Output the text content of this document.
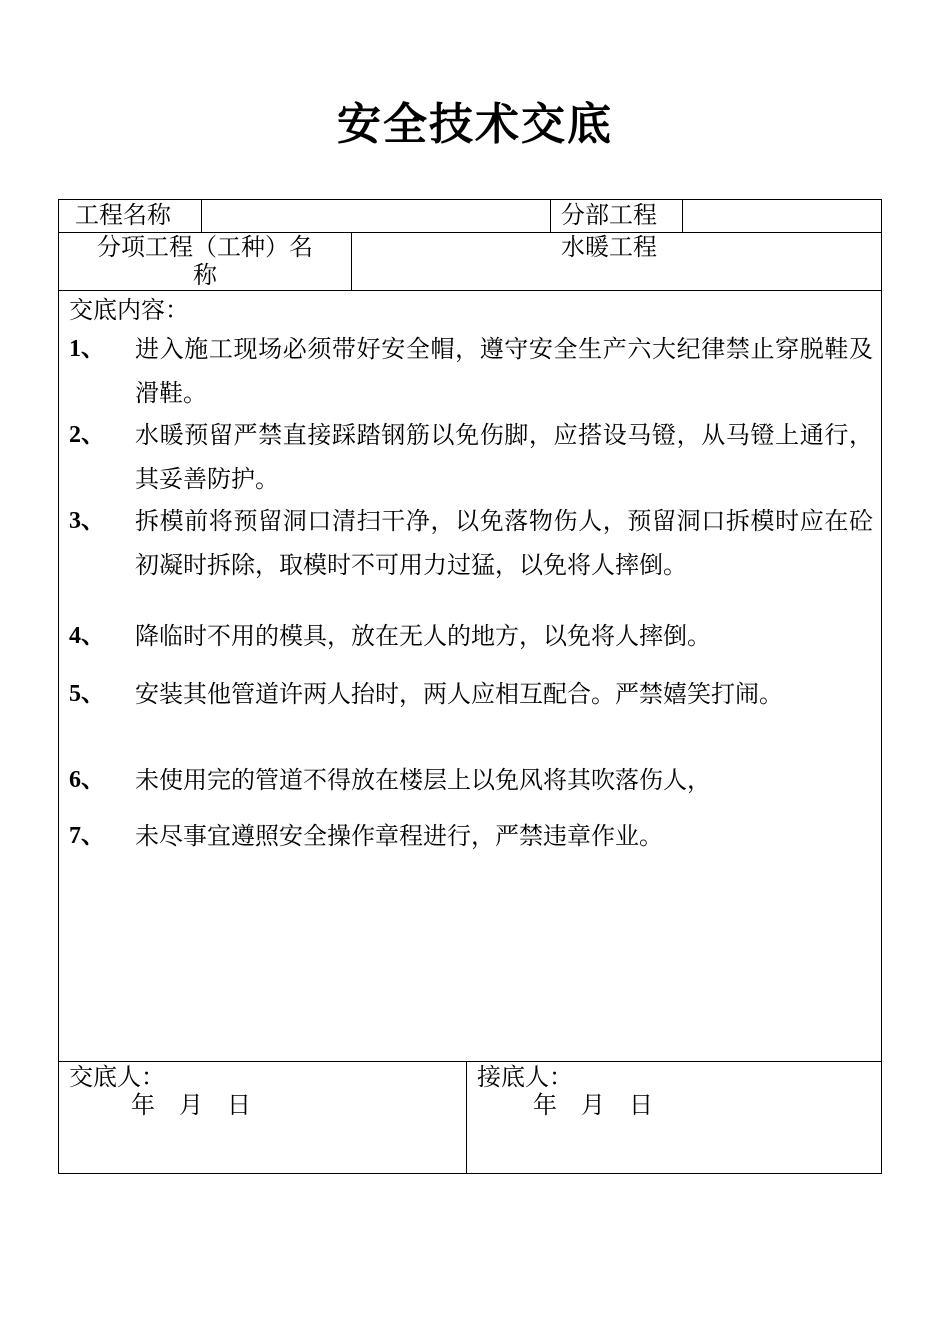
安全技术交底
工程名称	分部工程
分项工程（工种）名
称
水暖工程
交底内容：
1、 进入施工现场必须带好安全帽，遵守安全生产六大纪律禁止穿脱鞋及滑鞋。
2、 水暖预留严禁直接踩踏钢筋以免伤脚，应搭设马镫，从马镫上通行，其妥善防护。
3、 拆模前将预留洞口清扫干净，以免落物伤人，预留洞口拆模时应在砼初凝时拆除，取模时不可用力过猛，以免将人摔倒。
4、 降临时不用的模具，放在无人的地方，以免将人摔倒。
5、 安装其他管道许两人抬时，两人应相互配合。严禁嬉笑打闹。
6、 未使用完的管道不得放在楼层上以免风将其吹落伤人，
7、 未尽事宜遵照安全操作章程进行，严禁违章作业。
交底人：
年　月　日
接底人：
年　月　日
